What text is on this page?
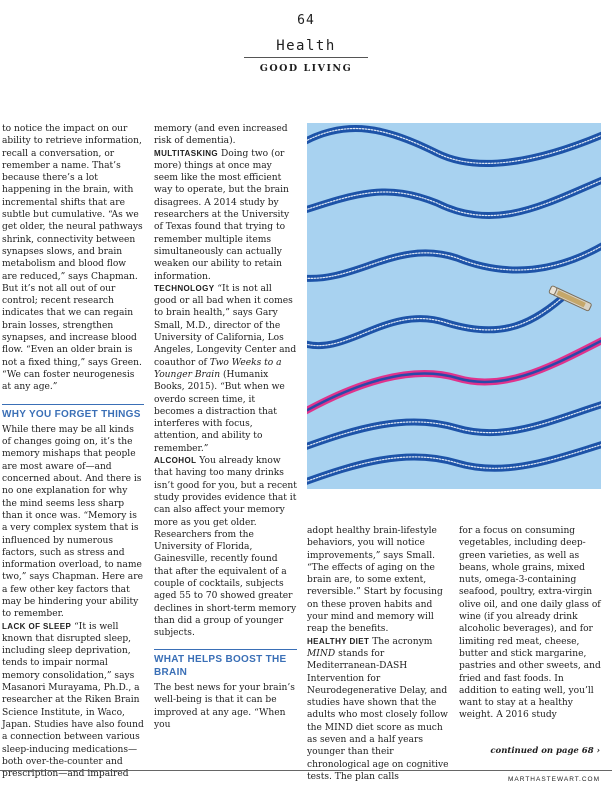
64
Health
GOOD LIVING

to notice the impact on our ability to retrieve information, recall a conversation, or remember a name. That’s because there’s a lot happening in the brain, with incremental shifts that are subtle but cumulative. “As we get older, the neural pathways shrink, connectivity between synapses slows, and brain metabolism and blood flow are reduced,” says Chapman. But it’s not all out of our control; recent research indicates that we can regain brain losses, strengthen synapses, and increase blood flow. “Even an older brain is not a fixed thing,” says Green. “We can foster neurogenesis at any age.”

WHY YOU FORGET THINGS

While there may be all kinds of changes going on, it’s the memory mishaps that people are most aware of—and concerned about. And there is no one explanation for why the mind seems less sharp than it once was. “Memory is a very complex system that is influenced by numerous factors, such as stress and information overload, to name two,” says Chapman. Here are a few other key factors that may be hindering your ability to remember.

LACK OF SLEEP “It is well known that disrupted sleep, including sleep deprivation, tends to impair normal memory consolidation,” says Masanori Murayama, Ph.D., a researcher at the Riken Brain Science Institute, in Waco, Japan. Studies have also found a connection between various sleep-inducing medications—both over-the-counter and prescription—and impaired

memory (and even increased risk of dementia).

MULTITASKING Doing two (or more) things at once may seem like the most efficient way to operate, but the brain disagrees. A 2014 study by researchers at the University of Texas found that trying to remember multiple items simultaneously can actually weaken our ability to retain information.

TECHNOLOGY “It is not all good or all bad when it comes to brain health,” says Gary Small, M.D., director of the University of California, Los Angeles, Longevity Center and coauthor of Two Weeks to a Younger Brain (Humanix Books, 2015). “But when we overdo screen time, it becomes a distraction that interferes with focus, attention, and ability to remember.”

ALCOHOL You already know that having too many drinks isn’t good for you, but a recent study provides evidence that it can also affect your memory more as you get older. Researchers from the University of Florida, Gainesville, recently found that after the equivalent of a couple of cocktails, subjects aged 55 to 70 showed greater declines in short-term memory than did a group of younger subjects.

WHAT HELPS BOOST THE BRAIN

The best news for your brain’s well-being is that it can be improved at any age. “When you

adopt healthy brain-lifestyle behaviors, you will notice improvements,” says Small. “The effects of aging on the brain are, to some extent, reversible.” Start by focusing on these proven habits and your mind and memory will reap the benefits.

HEALTHY DIET The acronym MIND stands for Mediterranean-DASH Intervention for Neurodegenerative Delay, and studies have shown that the adults who most closely follow the MIND diet score as much as seven and a half years younger than their chronological age on cognitive tests. The plan calls

for a focus on consuming vegetables, including deep-green varieties, as well as beans, whole grains, mixed nuts, omega-3-containing seafood, poultry, extra-virgin olive oil, and one daily glass of wine (if you already drink alcoholic beverages), and for limiting red meat, cheese, butter and stick margarine, pastries and other sweets, and fried and fast foods. In addition to eating well, you’ll want to stay at a healthy weight. A 2016 study

continued on page 68 ›
MARTHASTEWART.COM
